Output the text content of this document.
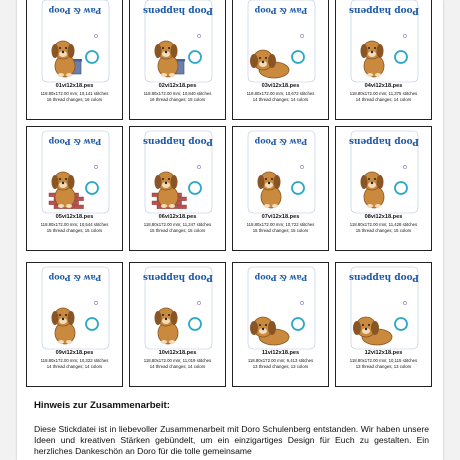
Paw & Poop
01vi12x18.pes
118.80x172.00 mm; 10,141 stitches
16 thread changes; 16 colors
Poop happens
02vi12x18.pes
118.80x172.00 mm; 10,840 stitches
16 thread changes; 15 colors
Paw & Poop
03vi12x18.pes
118.80x172.00 mm; 10,672 stitches
14 thread changes; 14 colors
Poop happens
04vi12x18.pes
118.80x172.00 mm; 11,375 stitches
14 thread changes; 14 colors
Paw & Poop
05vi12x18.pes
118.80x172.00 mm; 10,544 stitches
15 thread changes; 15 colors
Poop happens
06vi12x18.pes
118.80x172.00 mm; 11,247 stitches
15 thread changes; 15 colors
Paw & Poop
07vi12x18.pes
118.80x172.00 mm; 10,722 stitches
15 thread changes; 15 colors
Poop happens
08vi12x18.pes
118.80x172.00 mm; 11,428 stitches
15 thread changes; 15 colors
Paw & Poop
09vi12x18.pes
118.80x172.00 mm; 10,322 stitches
14 thread changes; 14 colors
Poop happens
10vi12x18.pes
118.80x172.00 mm; 11,019 stitches
14 thread changes; 14 colors
Paw & Poop
11vi12x18.pes
118.80x172.00 mm; 9,413 stitches
13 thread changes; 13 colors
Poop happens
12vi12x18.pes
118.80x172.00 mm; 10,115 stitches
13 thread changes; 13 colors
Hinweis zur Zusammenarbeit:

Diese Stickdatei ist in liebevoller Zusammenarbeit mit Doro Schulenberg entstanden. Wir haben unsere Ideen und kreativen Stärken gebündelt, um ein einzigartiges Design für Euch zu gestalten. Ein herzliches Dankeschön an Doro für die tolle gemeinsame
